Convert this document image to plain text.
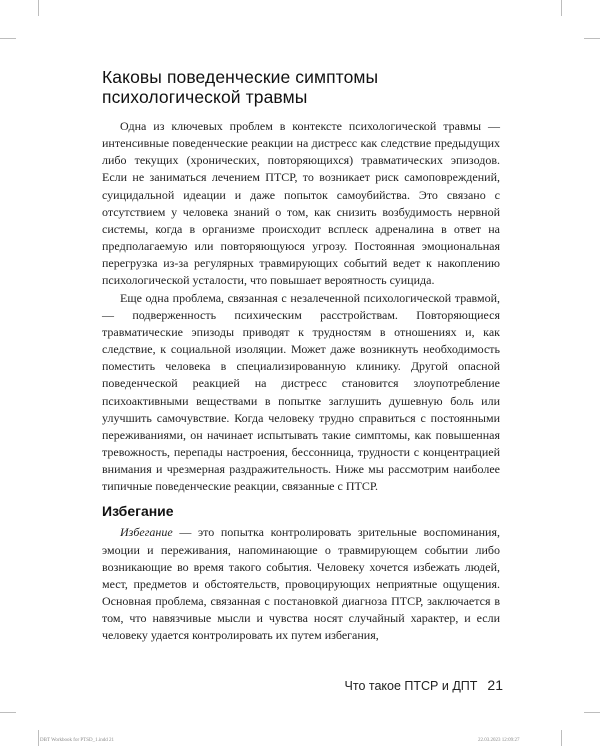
Каковы поведенческие симптомы психологической травмы

Одна из ключевых проблем в контексте психологической травмы — интенсивные поведенческие реакции на дистресс как следствие предыдущих либо текущих (хронических, повторяющихся) травматических эпизодов. Если не заниматься лечением ПТСР, то возникает риск самоповреждений, суицидальной идеации и даже попыток самоубийства. Это связано с отсутствием у человека знаний о том, как снизить возбудимость нервной системы, когда в организме происходит всплеск адреналина в ответ на предполагаемую или повторяющуюся угрозу. Постоянная эмоциональная перегрузка из-за регулярных травмирующих событий ведет к накоплению психологической усталости, что повышает вероятность суицида.

Еще одна проблема, связанная с незалеченной психологической травмой, — подверженность психическим расстройствам. Повторяющиеся травматические эпизоды приводят к трудностям в отношениях и, как следствие, к социальной изоляции. Может даже возникнуть необходимость поместить человека в специализированную клинику. Другой опасной поведенческой реакцией на дистресс становится злоупотребление психоактивными веществами в попытке заглушить душевную боль или улучшить самочувствие. Когда человеку трудно справиться с постоянными переживаниями, он начинает испытывать такие симптомы, как повышенная тревожность, перепады настроения, бессонница, трудности с концентрацией внимания и чрезмерная раздражительность. Ниже мы рассмотрим наиболее типичные поведенческие реакции, связанные с ПТСР.

Избегание

Избегание — это попытка контролировать зрительные воспоминания, эмоции и переживания, напоминающие о травмирующем событии либо возникающие во время такого события. Человеку хочется избежать людей, мест, предметов и обстоятельств, провоцирующих неприятные ощущения. Основная проблема, связанная с постановкой диагноза ПТСР, заключается в том, что навязчивые мысли и чувства носят случайный характер, и если человеку удается контролировать их путем избегания,

Что такое ПТСР и ДПТ 21
DBT Workbook for PTSD_1.indd 21	22.03.2023 12:09:27
